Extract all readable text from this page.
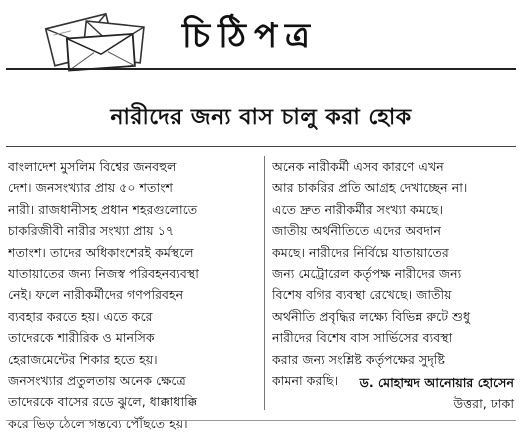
চিঠিপত্র
নারীদের জন্য বাস চালু করা হোক
বাংলাদেশ মুসলিম বিশ্বের জনবহুল
দেশ। জনসংখ্যার প্রায় ৫০ শতাংশ
নারী। রাজধানীসহ প্রধান শহরগুলোতে
চাকরিজীবী নারীর সংখ্যা প্রায় ১৭
শতাংশ। তাদের অধিকাংশেরই কর্মস্থলে
যাতায়াতের জন্য নিজস্ব পরিবহনব্যবস্থা
নেই। ফলে নারীকর্মীদের গণপরিবহন
ব্যবহার করতে হয়। এতে করে
তাদেরকে শারীরিক ও মানসিক
হেরাজমেন্টের শিকার হতে হয়।
জনসংখ্যার প্রতুলতায় অনেক ক্ষেত্রে
তাদেরকে বাসের রডে ঝুলে, ধাক্কাধাক্কি
করে ভিড় ঠেলে গন্তব্যে পৌঁছতে হয়।
অনেক নারীকর্মী এসব কারণে এখন
আর চাকরির প্রতি আগ্রহ দেখাচ্ছেন না।
এতে দ্রুত নারীকর্মীর সংখ্যা কমছে।
জাতীয় অর্থনীতিতে এদের অবদান
কমছে। নারীদের নির্বিঘ্নে যাতায়াতের
জন্য মেট্রোরেল কর্তৃপক্ষ নারীদের জন্য
বিশেষ বগির ব্যবস্থা রেখেছে। জাতীয়
অর্থনীতি প্রবৃদ্ধির লক্ষ্যে বিভিন্ন রুটে শুধু
নারীদের বিশেষ বাস সার্ভিসের ব্যবস্থা
করার জন্য সংশ্লিষ্ট কর্তৃপক্ষের সুদৃষ্টি
কামনা করছি।	ড. মোহাম্মদ আনোয়ার হোসেন
উত্তরা, ঢাকা
